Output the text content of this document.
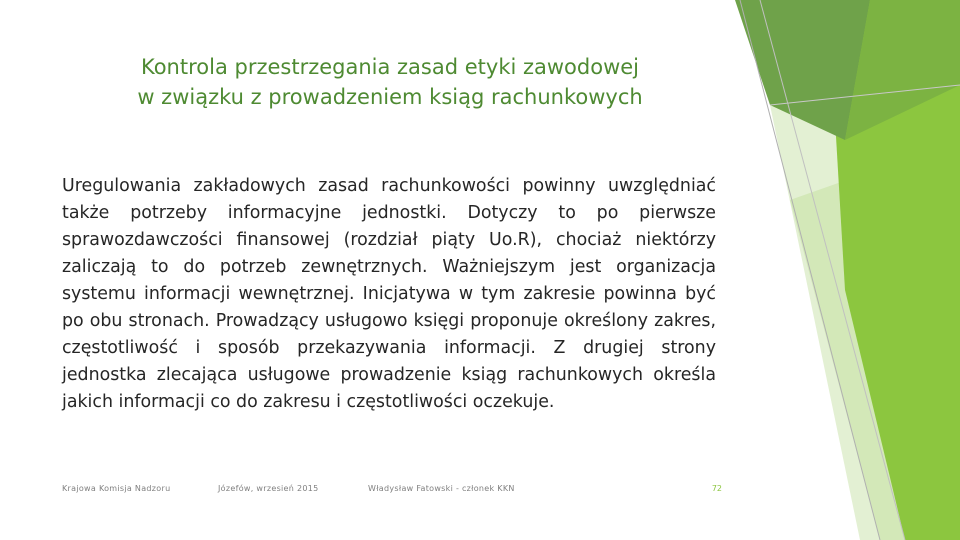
Kontrola przestrzegania zasad etyki zawodowej
w związku z prowadzeniem ksiąg rachunkowych
Uregulowania zakładowych zasad rachunkowości powinny uwzględniać także potrzeby informacyjne jednostki. Dotyczy to po pierwsze sprawozdawczości finansowej (rozdział piąty Uo.R), chociaż niektórzy zaliczają to do potrzeb zewnętrznych. Ważniejszym jest organizacja systemu informacji wewnętrznej. Inicjatywa w tym zakresie powinna być po obu stronach. Prowadzący usługowo księgi proponuje określony zakres, częstotliwość i sposób przekazywania informacji. Z drugiej strony jednostka zlecająca usługowe prowadzenie ksiąg rachunkowych określa jakich informacji co do zakresu i częstotliwości oczekuje.
Krajowa Komisja Nadzoru	Józefów, wrzesień 2015	Władysław Fatowski - członek KKN	72
